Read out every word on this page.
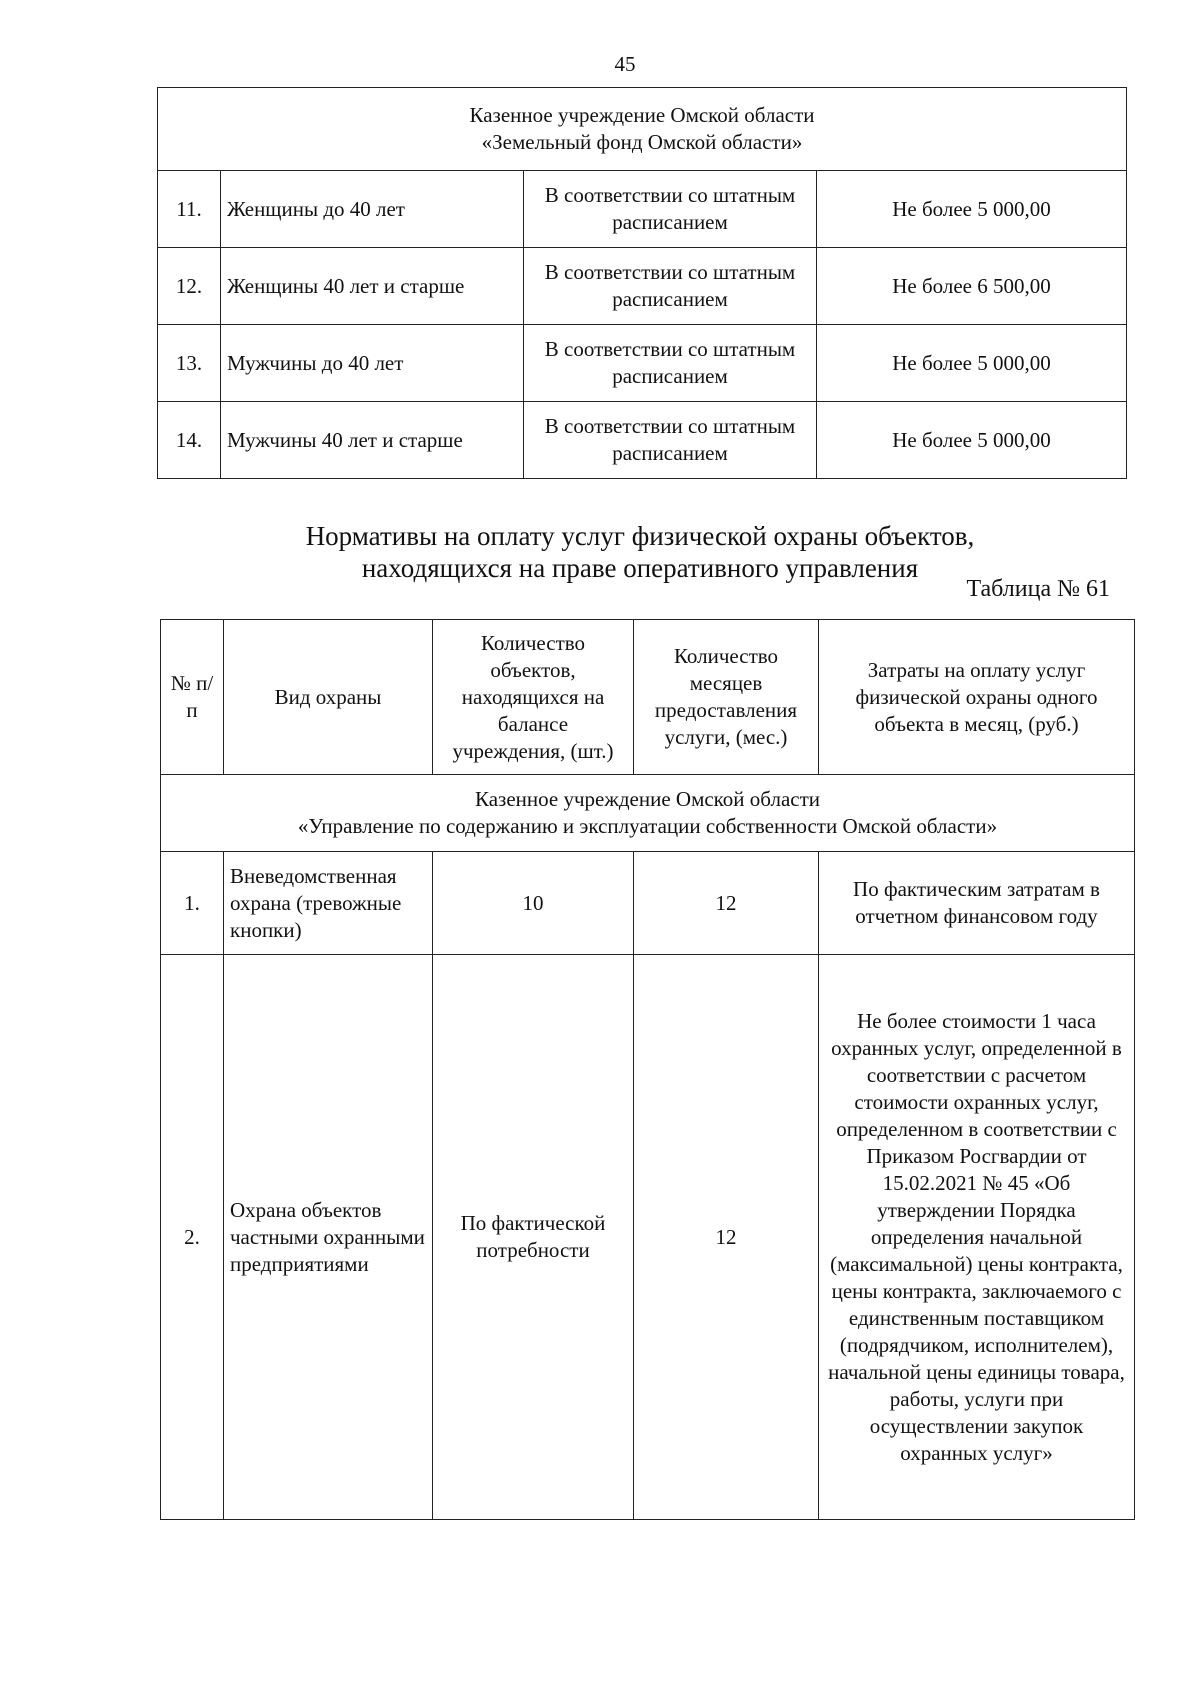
45
Казенное учреждение Омской области
«Земельный фонд Омской области»			
11.	Женщины до 40 лет	В соответствии со штатным расписанием	Не более 5 000,00
12.	Женщины 40 лет и старше	В соответствии со штатным расписанием	Не более 6 500,00
13.	Мужчины до 40 лет	В соответствии со штатным расписанием	Не более 5 000,00
14.	Мужчины 40 лет и старше	В соответствии со штатным расписанием	Не более 5 000,00
Нормативы на оплату услуг физической охраны объектов,
находящихся на праве оперативного управления
Таблица № 61
№ п/п	Вид охраны	Количество объектов, находящихся на балансе учреждения, (шт.)	Количество месяцев предоставления услуги, (мес.)	Затраты на оплату услуг физической охраны одного объекта в месяц, (руб.)
Казенное учреждение Омской области
«Управление по содержанию и эксплуатации собственности Омской области»				
1.	Вневедомственная охрана (тревожные кнопки)	10	12	По фактическим затратам в отчетном финансовом году
2.	Охрана объектов частными охранными предприятиями	По фактической потребности	12	Не более стоимости 1 часа охранных услуг, определенной в соответствии с расчетом стоимости охранных услуг, определенном в соответствии с Приказом Росгвардии от 15.02.2021 № 45 «Об утверждении Порядка определения начальной (максимальной) цены контракта, цены контракта, заключаемого с единственным поставщиком (подрядчиком, исполнителем), начальной цены единицы товара, работы, услуги при осуществлении закупок охранных услуг»
